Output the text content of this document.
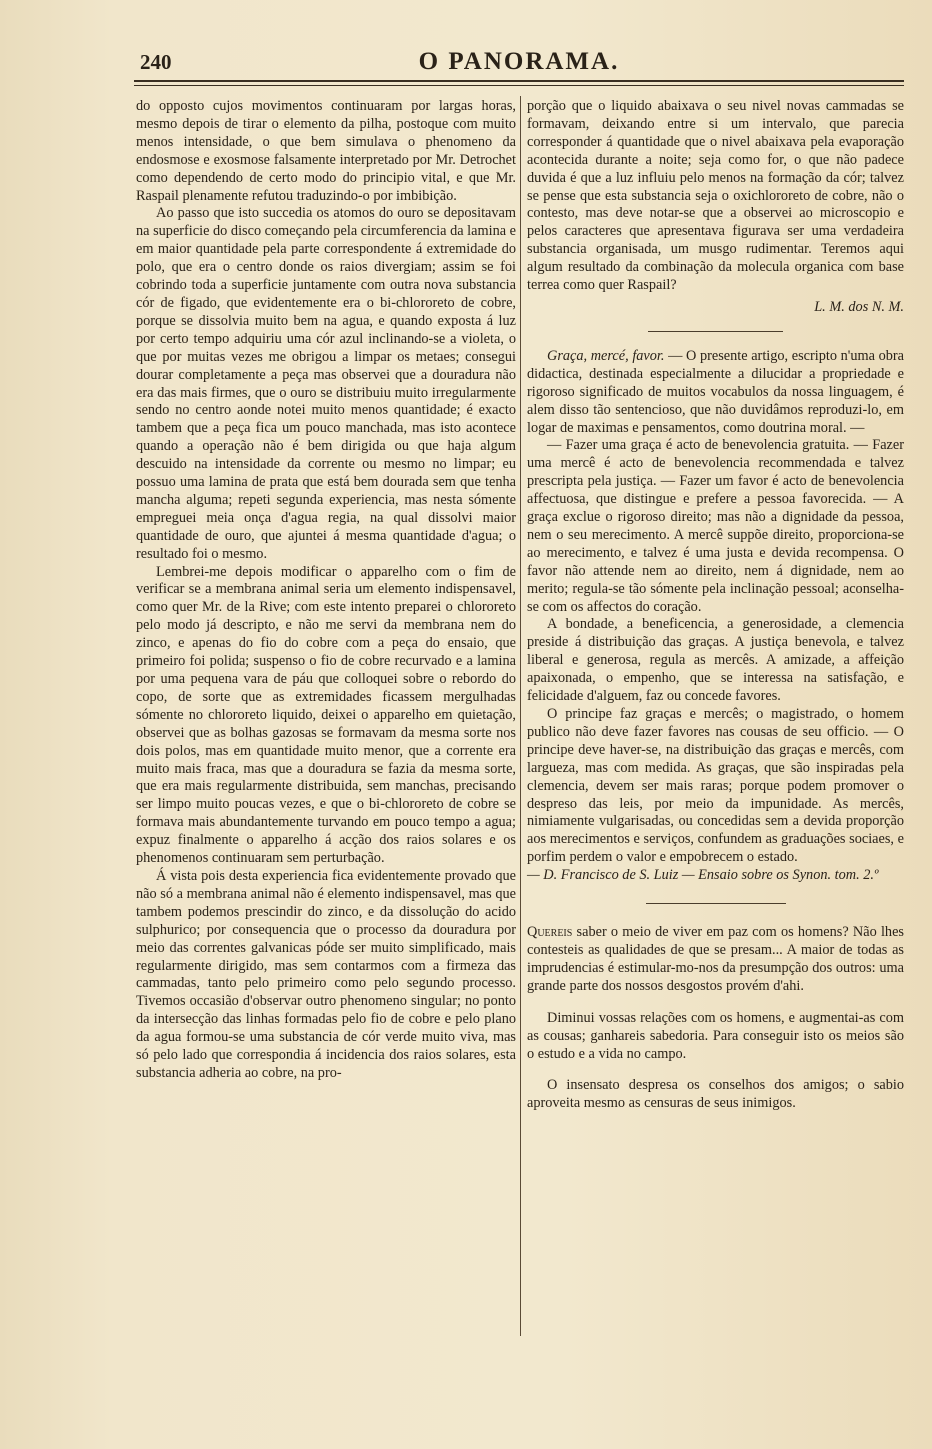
240	O PANORAMA.

do opposto cujos movimentos continuaram por largas horas, mesmo depois de tirar o elemento da pilha, postoque com muito menos intensidade, o que bem simulava o phenomeno da endosmose e exosmose falsamente interpretado por Mr. Detrochet como dependendo de certo modo do principio vital, e que Mr. Raspail plenamente refutou traduzindo-o por imbibição.

Ao passo que isto succedia os atomos do ouro se depositavam na superficie do disco começando pela circumferencia da lamina e em maior quantidade pela parte correspondente á extremidade do polo, que era o centro donde os raios divergiam; assim se foi cobrindo toda a superficie juntamente com outra nova substancia cór de figado, que evidentemente era o bi-chlororeto de cobre, porque se dissolvia muito bem na agua, e quando exposta á luz por certo tempo adquiriu uma cór azul inclinando-se a violeta, o que por muitas vezes me obrigou a limpar os metaes; consegui dourar completamente a peça mas observei que a douradura não era das mais firmes, que o ouro se distribuiu muito irregularmente sendo no centro aonde notei muito menos quantidade; é exacto tambem que a peça fica um pouco manchada, mas isto acontece quando a operação não é bem dirigida ou que haja algum descuido na intensidade da corrente ou mesmo no limpar; eu possuo uma lamina de prata que está bem dourada sem que tenha mancha alguma; repeti segunda experiencia, mas nesta sómente empreguei meia onça d'agua regia, na qual dissolvi maior quantidade de ouro, que ajuntei á mesma quantidade d'agua; o resultado foi o mesmo.

Lembrei-me depois modificar o apparelho com o fim de verificar se a membrana animal seria um elemento indispensavel, como quer Mr. de la Rive; com este intento preparei o chlororeto pelo modo já descripto, e não me servi da membrana nem do zinco, e apenas do fio do cobre com a peça do ensaio, que primeiro foi polida; suspenso o fio de cobre recurvado e a lamina por uma pequena vara de páu que colloquei sobre o rebordo do copo, de sorte que as extremidades ficassem mergulhadas sómente no chlororeto liquido, deixei o apparelho em quietação, observei que as bolhas gazosas se formavam da mesma sorte nos dois polos, mas em quantidade muito menor, que a corrente era muito mais fraca, mas que a douradura se fazia da mesma sorte, que era mais regularmente distribuida, sem manchas, precisando ser limpo muito poucas vezes, e que o bi-chlororeto de cobre se formava mais abundantemente turvando em pouco tempo a agua; expuz finalmente o apparelho á acção dos raios solares e os phenomenos continuaram sem perturbação.

Á vista pois desta experiencia fica evidentemente provado que não só a membrana animal não é elemento indispensavel, mas que tambem podemos prescindir do zinco, e da dissolução do acido sulphurico; por consequencia que o processo da douradura por meio das correntes galvanicas póde ser muito simplificado, mais regularmente dirigido, mas sem contarmos com a firmeza das cammadas, tanto pelo primeiro como pelo segundo processo. Tivemos occasião d'observar outro phenomeno singular; no ponto da intersecção das linhas formadas pelo fio de cobre e pelo plano da agua formou-se uma substancia de cór verde muito viva, mas só pelo lado que correspondia á incidencia dos raios solares, esta substancia adheria ao cobre, na pro-

porção que o liquido abaixava o seu nivel novas cammadas se formavam, deixando entre si um intervalo, que parecia corresponder á quantidade que o nivel abaixava pela evaporação acontecida durante a noite; seja como for, o que não padece duvida é que a luz influiu pelo menos na formação da cór; talvez se pense que esta substancia seja o oxichlororeto de cobre, não o contesto, mas deve notar-se que a observei ao microscopio e pelos caracteres que apresentava figurava ser uma verdadeira substancia organisada, um musgo rudimentar. Teremos aqui algum resultado da combinação da molecula organica com base terrea como quer Raspail?

L. M. dos N. M.

Graça, mercé, favor. — O presente artigo, escripto n'uma obra didactica, destinada especialmente a dilucidar a propriedade e rigoroso significado de muitos vocabulos da nossa linguagem, é alem disso tão sentencioso, que não duvidâmos reproduzi-lo, em logar de maximas e pensamentos, como doutrina moral. —

— Fazer uma graça é acto de benevolencia gratuita. — Fazer uma mercê é acto de benevolencia recommendada e talvez prescripta pela justiça. — Fazer um favor é acto de benevolencia affectuosa, que distingue e prefere a pessoa favorecida. — A graça exclue o rigoroso direito; mas não a dignidade da pessoa, nem o seu merecimento. A mercê suppõe direito, proporciona-se ao merecimento, e talvez é uma justa e devida recompensa. O favor não attende nem ao direito, nem á dignidade, nem ao merito; regula-se tão sómente pela inclinação pessoal; aconselha-se com os affectos do coração.

A bondade, a beneficencia, a generosidade, a clemencia preside á distribuição das graças. A justiça benevola, e talvez liberal e generosa, regula as mercês. A amizade, a affeição apaixonada, o empenho, que se interessa na satisfação, e felicidade d'alguem, faz ou concede favores.

O principe faz graças e mercês; o magistrado, o homem publico não deve fazer favores nas cousas de seu officio. — O principe deve haver-se, na distribuição das graças e mercês, com largueza, mas com medida. As graças, que são inspiradas pela clemencia, devem ser mais raras; porque podem promover o despreso das leis, por meio da impunidade. As mercês, nimiamente vulgarisadas, ou concedidas sem a devida proporção aos merecimentos e serviços, confundem as graduações sociaes, e porfim perdem o valor e empobrecem o estado.

— D. Francisco de S. Luiz — Ensaio sobre os Synon. tom. 2.º

Quereis saber o meio de viver em paz com os homens? Não lhes contesteis as qualidades de que se presam... A maior de todas as imprudencias é estimular-mo-nos da presumpção dos outros: uma grande parte dos nossos desgostos provém d'ahi.

Diminui vossas relações com os homens, e augmentai-as com as cousas; ganhareis sabedoria. Para conseguir isto os meios são o estudo e a vida no campo.

O insensato despresa os conselhos dos amigos; o sabio aproveita mesmo as censuras de seus inimigos.
